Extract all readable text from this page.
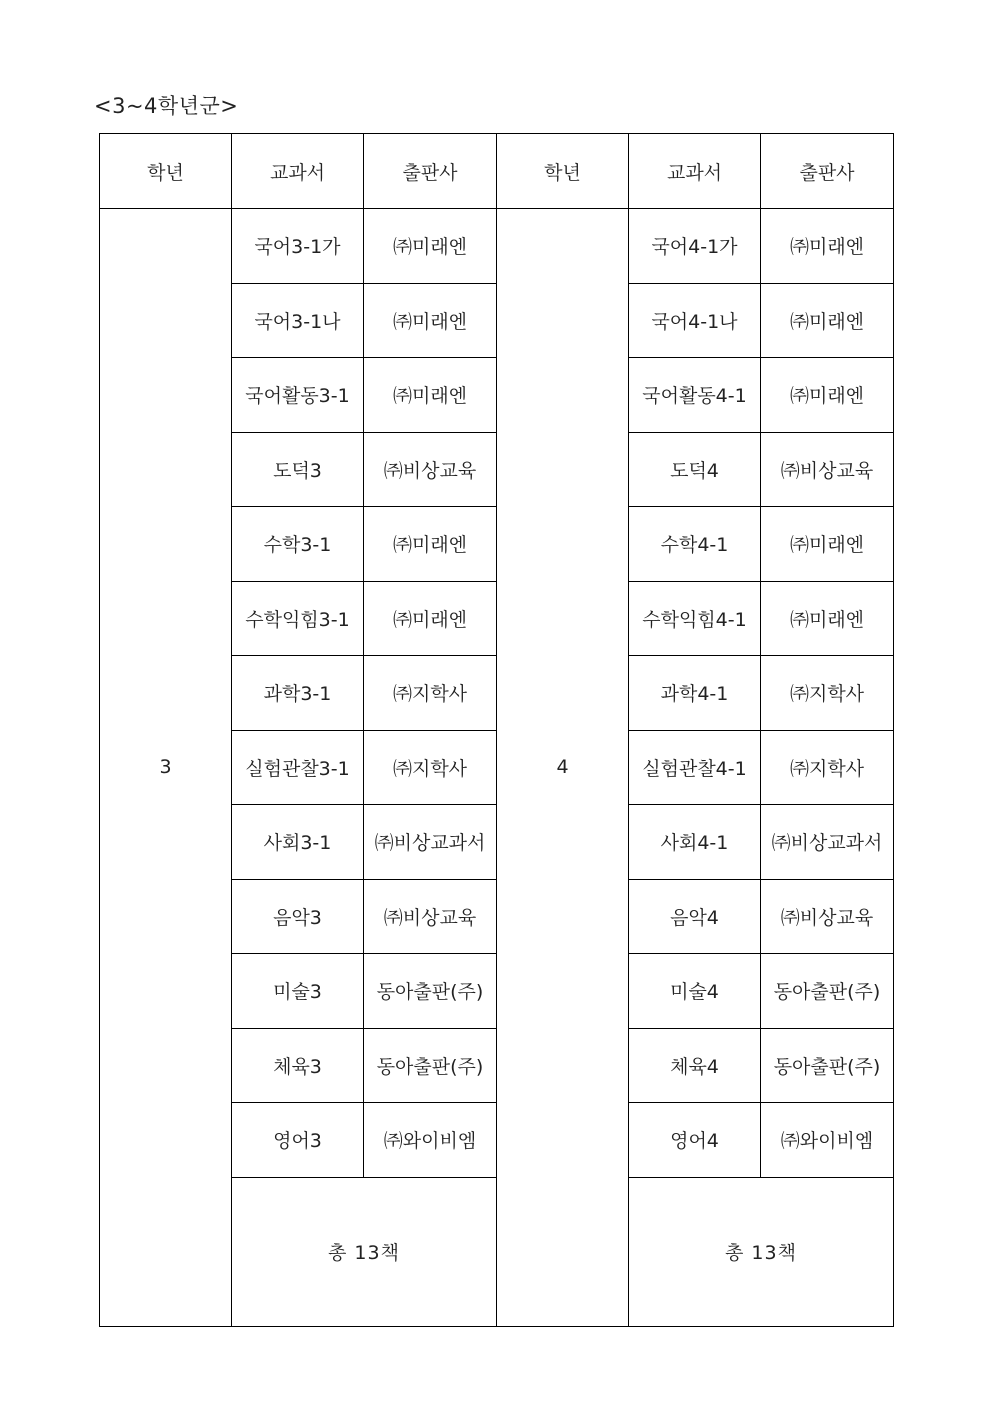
<3~4학년군>
학년	교과서	출판사	학년	교과서	출판사
3	국어3-1가	㈜미래엔	4	국어4-1가	㈜미래엔
	국어3-1나	㈜미래엔		국어4-1나	㈜미래엔
	국어활동3-1	㈜미래엔		국어활동4-1	㈜미래엔
	도덕3	㈜비상교육		도덕4	㈜비상교육
	수학3-1	㈜미래엔		수학4-1	㈜미래엔
	수학익힘3-1	㈜미래엔		수학익힘4-1	㈜미래엔
	과학3-1	㈜지학사		과학4-1	㈜지학사
	실험관찰3-1	㈜지학사		실험관찰4-1	㈜지학사
	사회3-1	㈜비상교과서		사회4-1	㈜비상교과서
	음악3	㈜비상교육		음악4	㈜비상교육
	미술3	동아출판(주)		미술4	동아출판(주)
	체육3	동아출판(주)		체육4	동아출판(주)
	영어3	㈜와이비엠		영어4	㈜와이비엠
	총 13책			총 13책	
